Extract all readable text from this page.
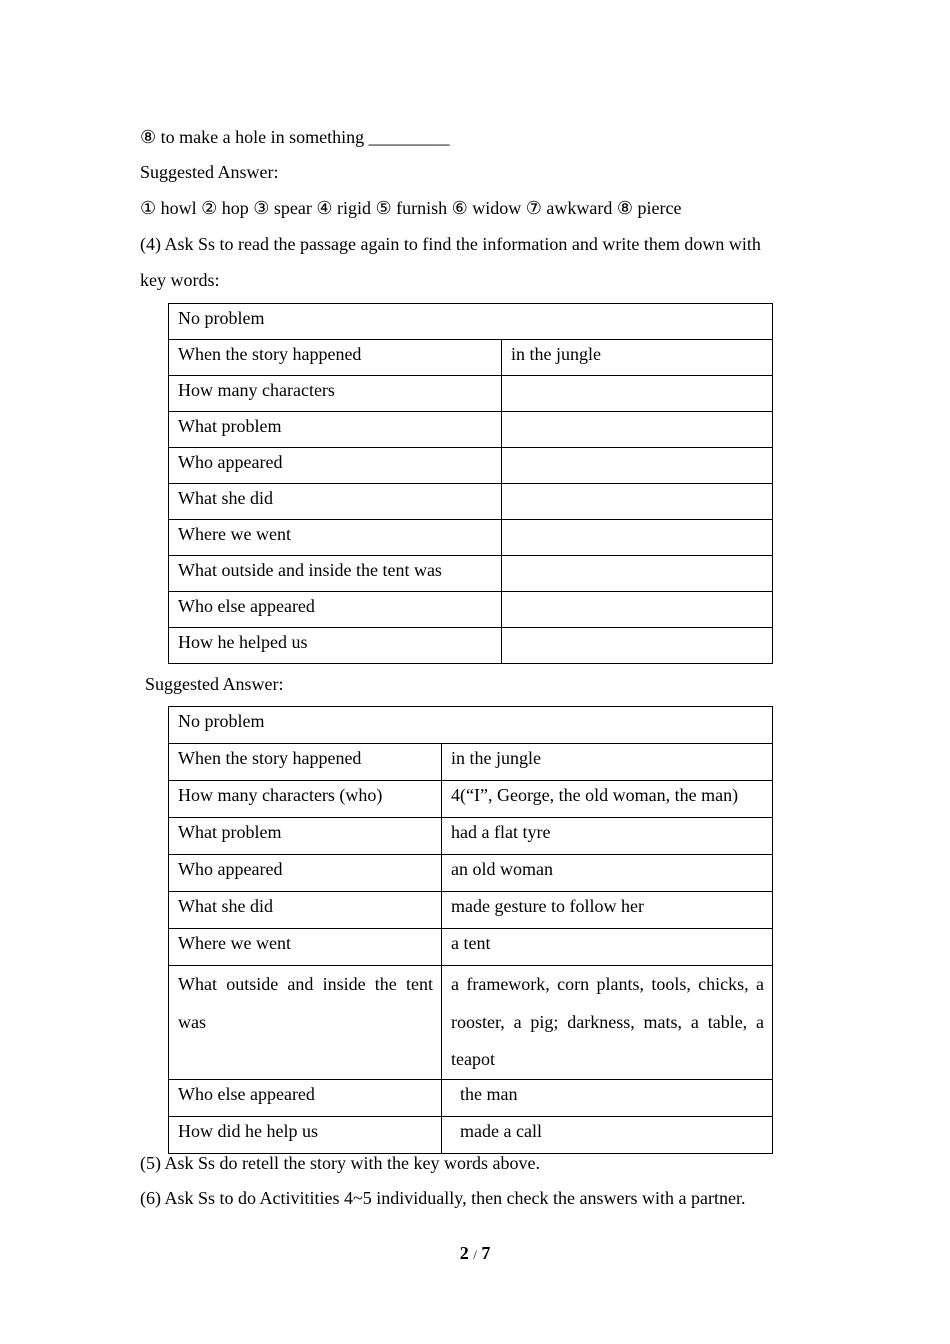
⑧ to make a hole in something _________

Suggested Answer:

① howl ② hop ③ spear ④ rigid ⑤ furnish ⑥ widow ⑦ awkward ⑧ pierce

(4) Ask Ss to read the passage again to find the information and write them down with

key words:

No problem	
When the story happened	in the jungle
How many characters	
What problem	
Who appeared	
What she did	
Where we went	
What outside and inside the tent was	
Who else appeared	
How he helped us	

Suggested Answer:

No problem	
When the story happened	in the jungle
How many characters (who)	4(“I”, George, the old woman, the man)
What problem	had a flat tyre
Who appeared	an old woman
What she did	made gesture to follow her
Where we went	a tent
What outside and inside the tent was	a framework, corn plants, tools, chicks, a rooster, a pig; darkness, mats, a table, a teapot
Who else appeared	the man
How did he help us	made a call

(5) Ask Ss do retell the story with the key words above.

(6) Ask Ss to do Activitities 4~5 individually, then check the answers with a partner.

2 / 7
